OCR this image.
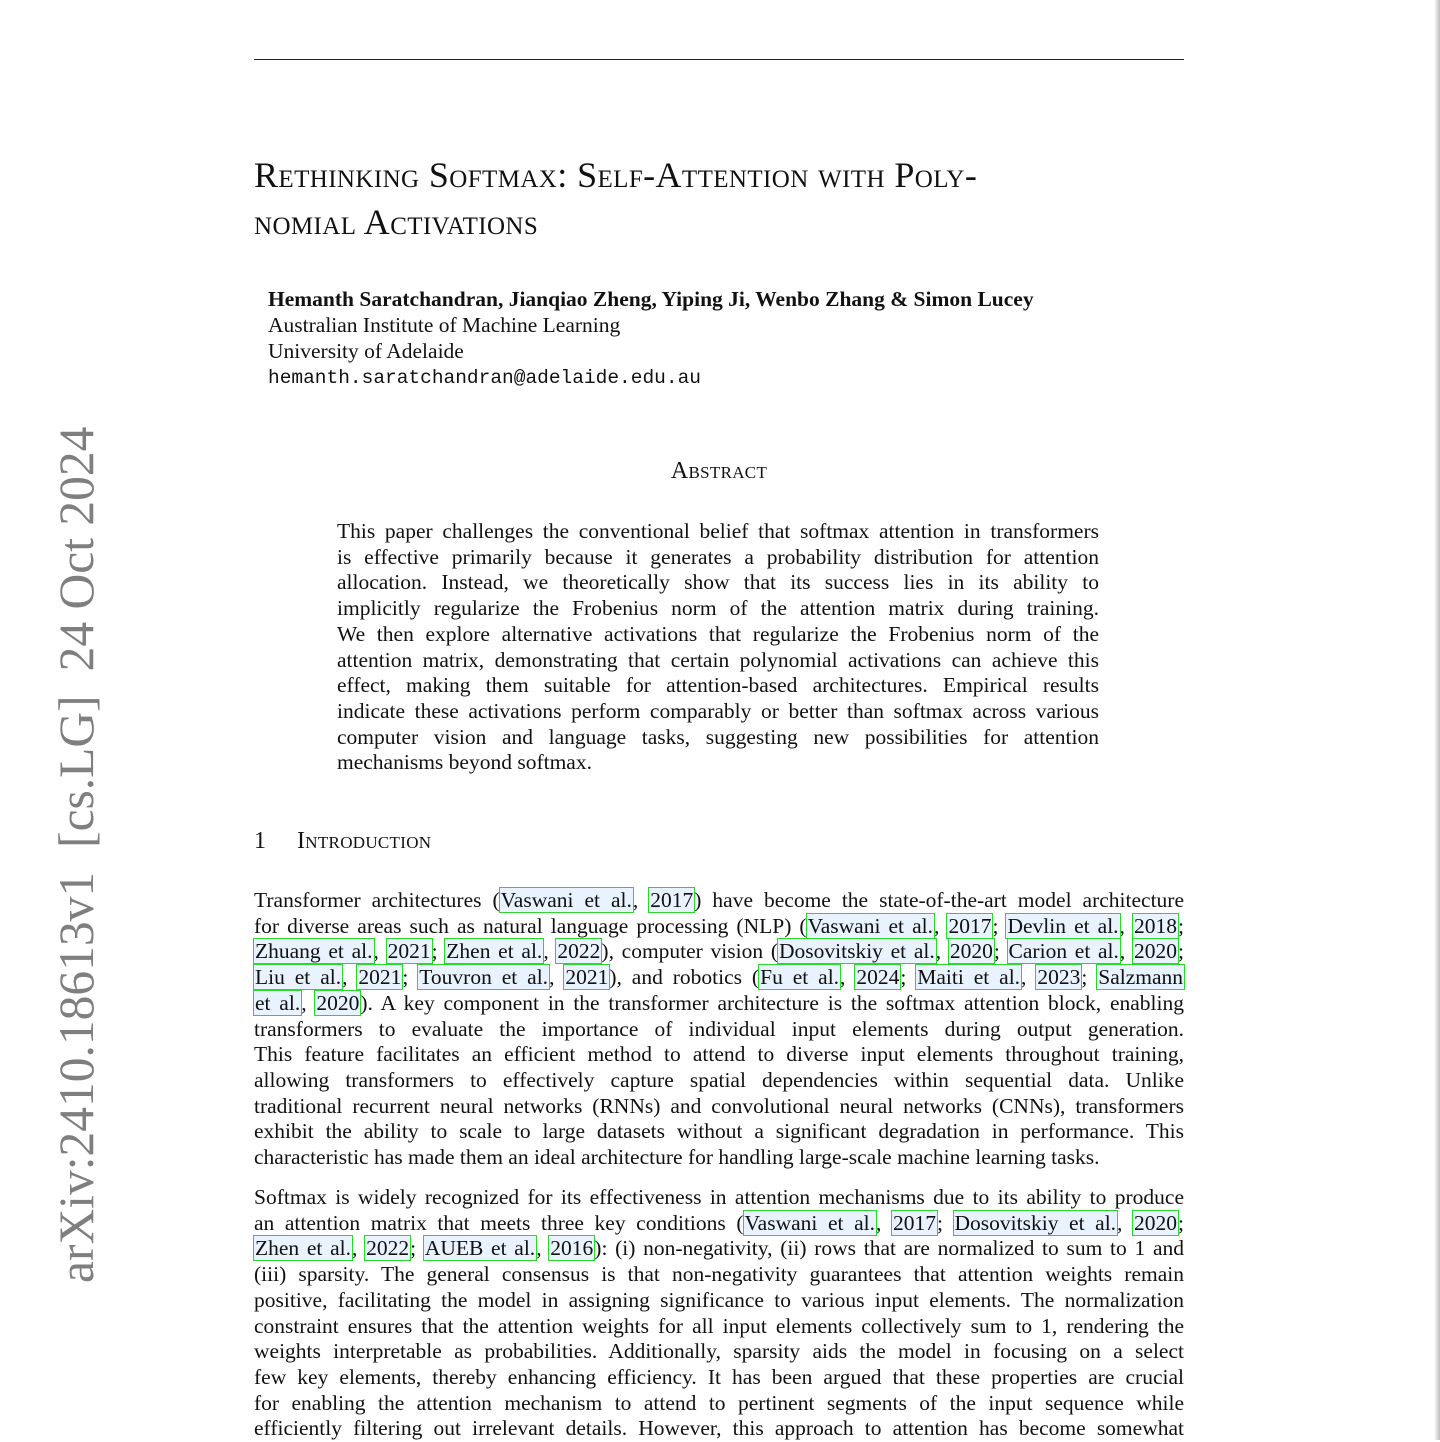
arXiv:2410.18613v1[cs.LG]24 Oct 2024
Rethinking Softmax: Self-Attention with Poly-
nomial Activations
Hemanth Saratchandran, Jianqiao Zheng, Yiping Ji, Wenbo Zhang & Simon Lucey
Australian Institute of Machine Learning
University of Adelaide
hemanth.saratchandran@adelaide.edu.au
Abstract
This paper challenges the conventional belief that softmax attention in transformers
is effective primarily because it generates a probability distribution for attention
allocation. Instead, we theoretically show that its success lies in its ability to
implicitly regularize the Frobenius norm of the attention matrix during training.
We then explore alternative activations that regularize the Frobenius norm of the
attention matrix, demonstrating that certain polynomial activations can achieve this
effect, making them suitable for attention-based architectures. Empirical results
indicate these activations perform comparably or better than softmax across various
computer vision and language tasks, suggesting new possibilities for attention
mechanisms beyond softmax.
1 Introduction
Transformer architectures (Vaswani et al., 2017) have become the state-of-the-art model architecture
for diverse areas such as natural language processing (NLP) (Vaswani et al., 2017; Devlin et al., 2018;
Zhuang et al., 2021; Zhen et al., 2022), computer vision (Dosovitskiy et al., 2020; Carion et al., 2020;
Liu et al., 2021; Touvron et al., 2021), and robotics (Fu et al., 2024; Maiti et al., 2023; Salzmann
et al., 2020). A key component in the transformer architecture is the softmax attention block, enabling
transformers to evaluate the importance of individual input elements during output generation.
This feature facilitates an efficient method to attend to diverse input elements throughout training,
allowing transformers to effectively capture spatial dependencies within sequential data. Unlike
traditional recurrent neural networks (RNNs) and convolutional neural networks (CNNs), transformers
exhibit the ability to scale to large datasets without a significant degradation in performance. This
characteristic has made them an ideal architecture for handling large-scale machine learning tasks.
Softmax is widely recognized for its effectiveness in attention mechanisms due to its ability to produce
an attention matrix that meets three key conditions (Vaswani et al., 2017; Dosovitskiy et al., 2020;
Zhen et al., 2022; AUEB et al., 2016): (i) non-negativity, (ii) rows that are normalized to sum to 1 and
(iii) sparsity. The general consensus is that non-negativity guarantees that attention weights remain
positive, facilitating the model in assigning significance to various input elements. The normalization
constraint ensures that the attention weights for all input elements collectively sum to 1, rendering the
weights interpretable as probabilities. Additionally, sparsity aids the model in focusing on a select
few key elements, thereby enhancing efficiency. It has been argued that these properties are crucial
for enabling the attention mechanism to attend to pertinent segments of the input sequence while
efficiently filtering out irrelevant details. However, this approach to attention has become somewhat
